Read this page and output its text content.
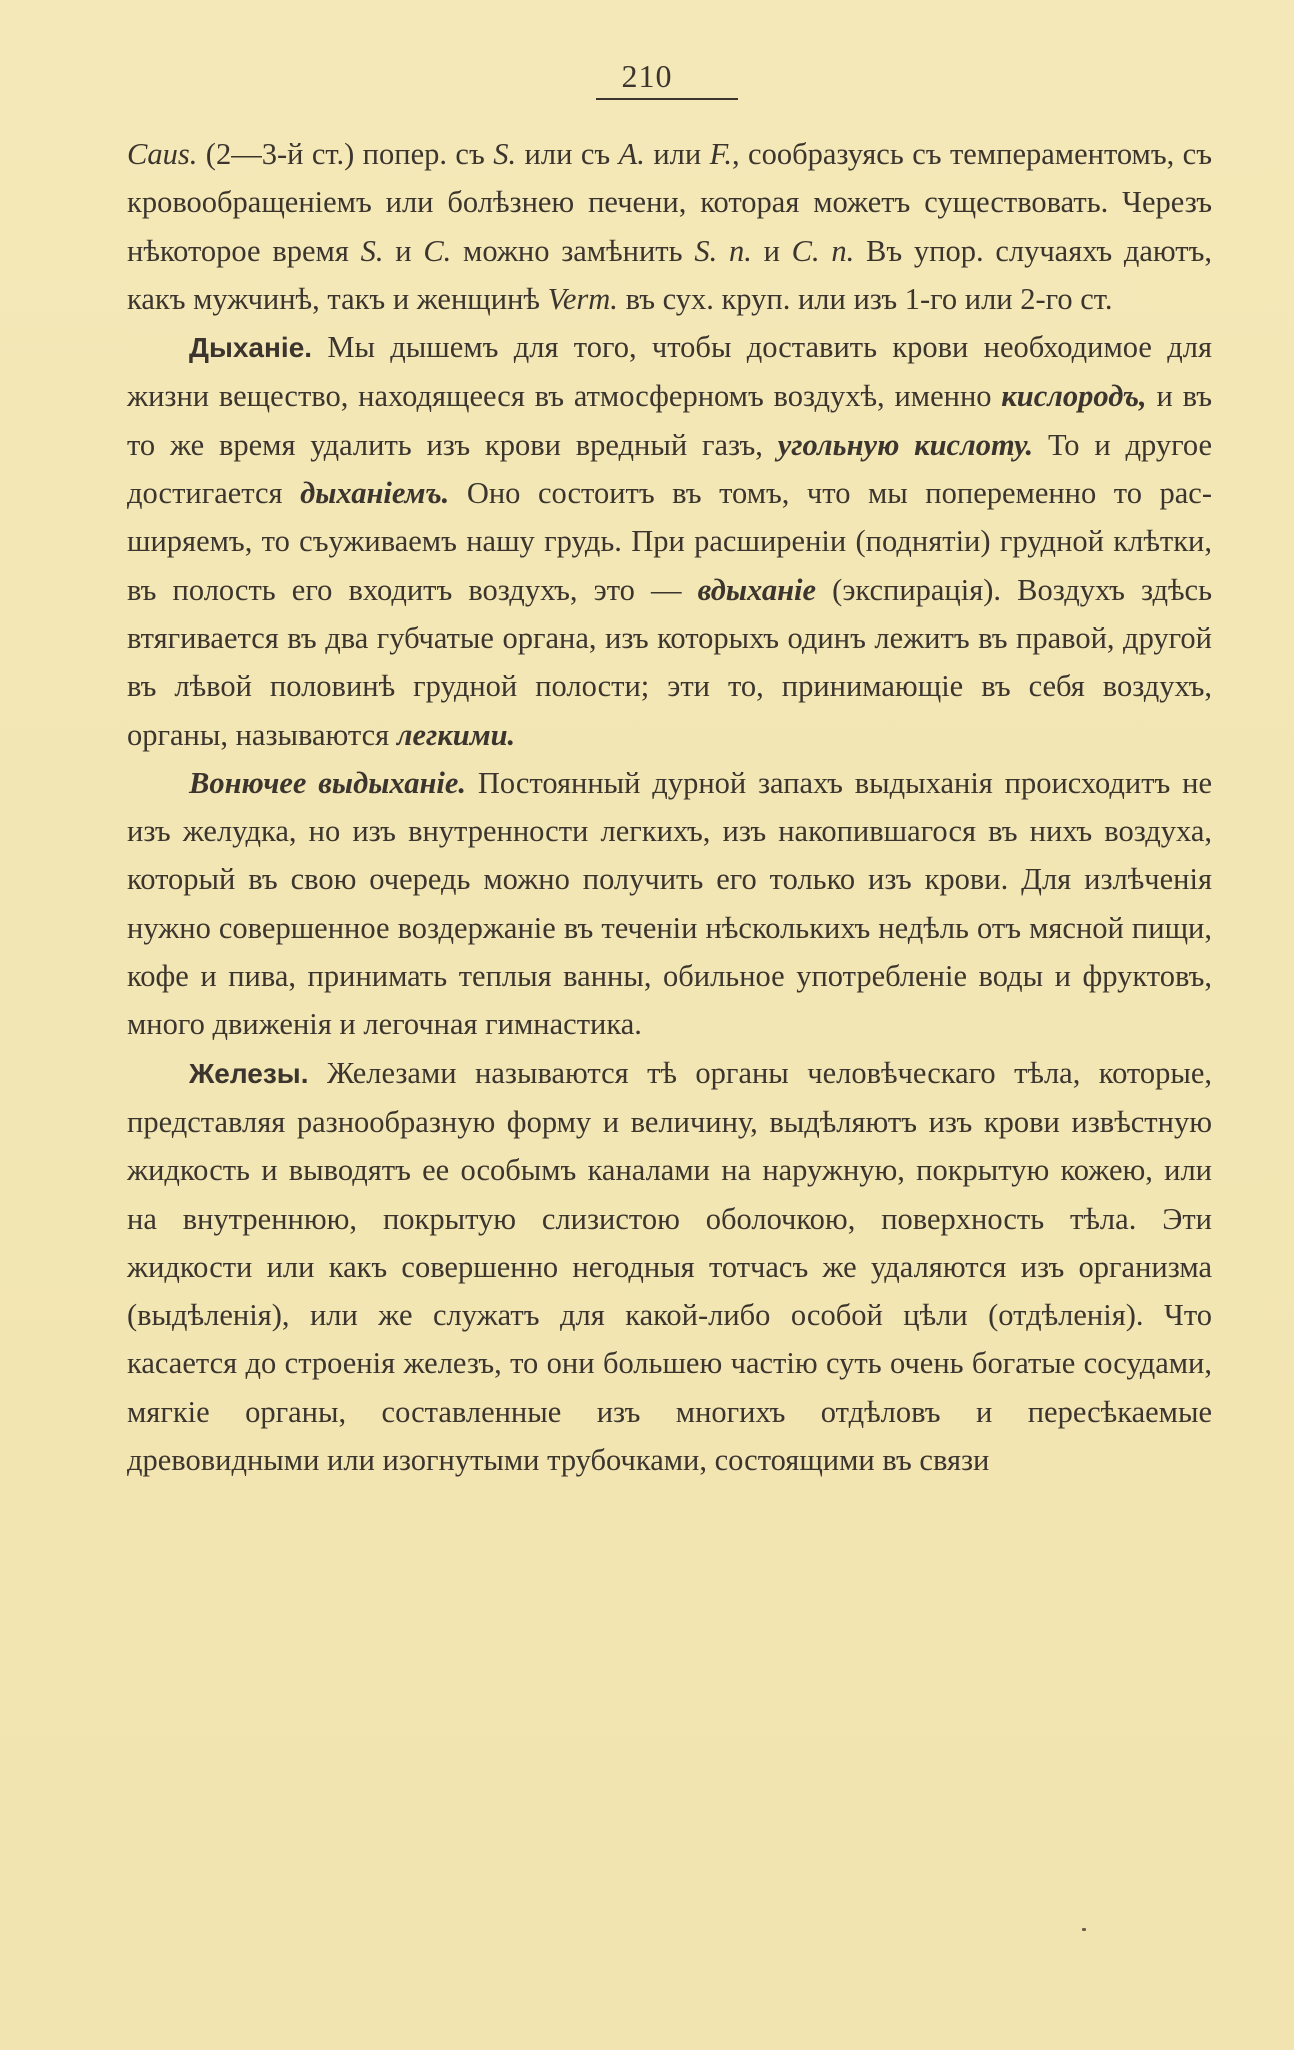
210

Caus. (2—3-й ст.) попер. съ S. или съ A. или F., сообразуясь съ темпераментомъ, съ кровообращеніемъ или болѣзнею печени, которая можетъ существовать. Черезъ нѣкоторое время S. и C. можно замѣнить S. n. и C. n. Въ упор. случаяхъ даютъ, какъ мужчинѣ, такъ и женщинѣ Verm. въ сух. круп. или изъ 1-го или 2-го ст.

Дыханіе. Мы дышемъ для того, чтобы доставить крови необходимое для жизни вещество, находящееся въ атмосферномъ воздухѣ, именно кислородъ, и въ то же время удалить изъ крови вредный газъ, угольную кислоту. То и другое достигается дыханіемъ. Оно состоитъ въ томъ, что мы попеременно то расширяемъ, то съуживаемъ нашу грудь. При расширеніи (поднятіи) грудной клѣтки, въ полость его входитъ воздухъ, это — вдыханіе (экспирація). Воздухъ здѣсь втягивается въ два губчатые органа, изъ которыхъ одинъ лежитъ въ правой, другой въ лѣвой половинѣ грудной полости; эти то, принимающіе въ себя воздухъ, органы, называются легкими.

Вонючее выдыханіе. Постоянный дурной запахъ выдыханія происходитъ не изъ желудка, но изъ внутренности легкихъ, изъ накопившагося въ нихъ воздуха, который въ свою очередь можно получить его только изъ крови. Для излѣченія нужно совершенное воздержаніе въ теченіи нѣсколькихъ недѣль отъ мясной пищи, кофе и пива, принимать теплыя ванны, обильное употребленіе воды и фруктовъ, много движенія и легочная гимнастика.

Железы. Железами называются тѣ органы человѣческаго тѣла, которые, представляя разнообразную форму и величину, выдѣляютъ изъ крови извѣстную жидкость и выводятъ ее особымъ каналами на наружную, покрытую кожею, или на внутреннюю, покрытую слизистою оболочкою, поверхность тѣла. Эти жидкости или какъ совершенно негодныя тотчасъ же удаляются изъ организма (выдѣленія), или же служатъ для какой-либо особой цѣли (отдѣленія). Что касается до строенія железъ, то они большею частію суть очень богатые сосудами, мягкіе органы, составленные изъ многихъ отдѣловъ и пересѣкаемые древовидными или изогнутыми трубочками, состоящими въ связи
